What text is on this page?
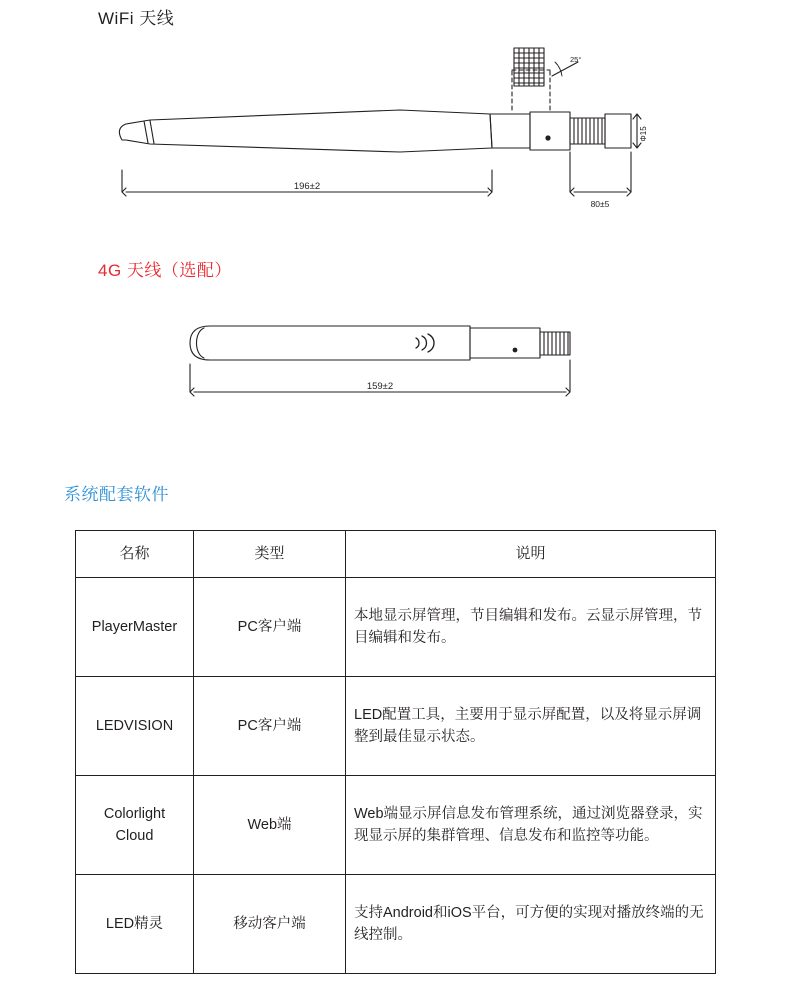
WiFi 天线
196±2
80±5
Φ15
25°
4G 天线（选配）
159±2
系统配套软件
名称	类型	说明
PlayerMaster	PC客户端	本地显示屏管理，节目编辑和发布。云显示屏管理，节目编辑和发布。
LEDVISION	PC客户端	LED配置工具，主要用于显示屏配置，以及将显示屏调整到最佳显示状态。
Colorlight Cloud	Web端	Web端显示屏信息发布管理系统，通过浏览器登录，实现显示屏的集群管理、信息发布和监控等功能。
LED精灵	移动客户端	支持Android和iOS平台，可方便的实现对播放终端的无线控制。
